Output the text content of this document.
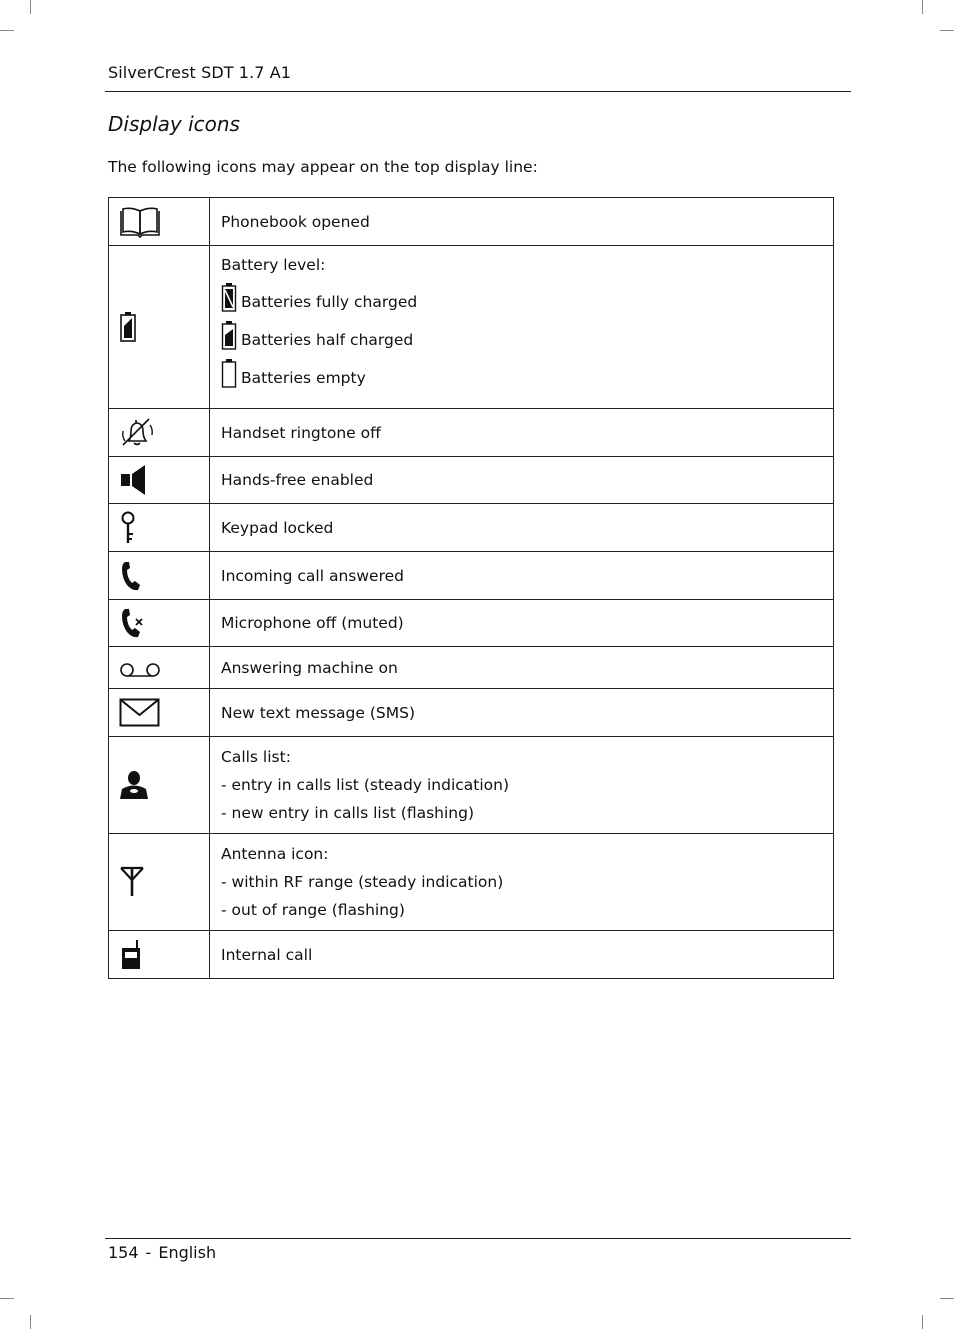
SilverCrest SDT 1.7 A1
Display icons
The following icons may appear on the top display line:

Phonebook opened

Battery level:
Batteries fully charged
Batteries half charged
Batteries empty

Handset ringtone off

Hands-free enabled

Keypad locked

Incoming call answered

Microphone off (muted)

Answering machine on

New text message (SMS)

Calls list:
- entry in calls list (steady indication)
- new entry in calls list (flashing)

Antenna icon:
- within RF range (steady indication)
- out of range (flashing)

Internal call
154 - English
